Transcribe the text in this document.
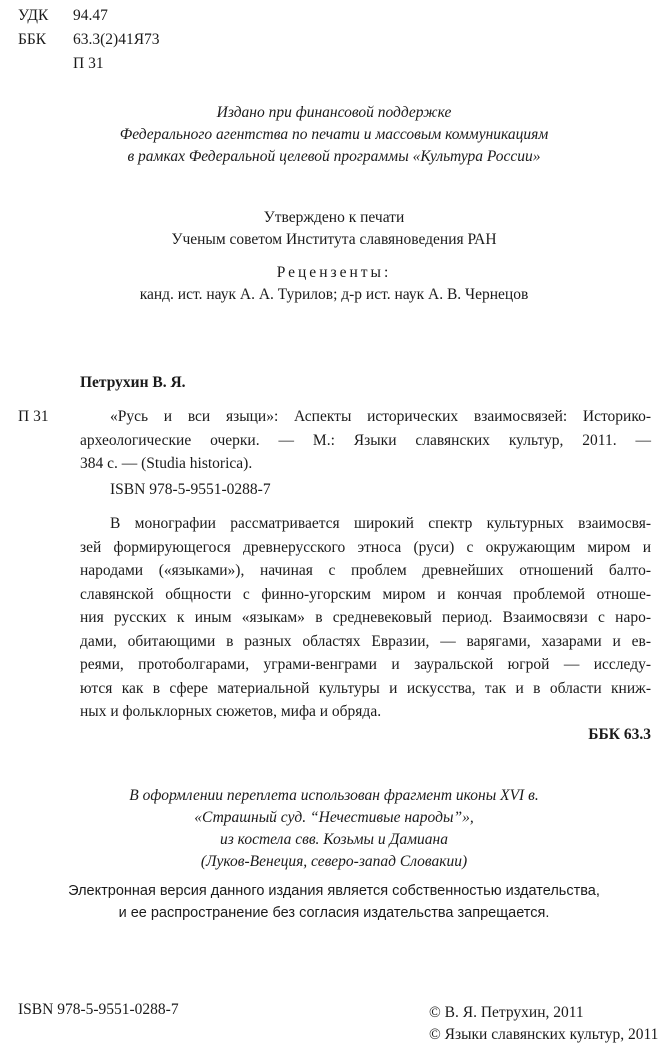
УДК 94.47
ББК 63.3(2)41Я73
П 31
Издано при финансовой поддержке
Федерального агентства по печати и массовым коммуникациям
в рамках Федеральной целевой программы «Культура России»
Утверждено к печати
Ученым советом Института славяноведения РАН
Рецензенты:
канд. ист. наук А. А. Турилов; д-р ист. наук А. В. Чернецов
Петрухин В. Я.
П 31	«Русь и вси языци»: Аспекты исторических взаимосвязей: Историко-
археологические очерки. — М.: Языки славянских культур, 2011. —
384 с. — (Studia historica).
ISBN 978-5-9551-0288-7
В монографии рассматривается широкий спектр культурных взаимосвя-
зей формирующегося древнерусского этноса (руси) с окружающим миром и
народами («языками»), начиная с проблем древнейших отношений балто-
славянской общности с финно-угорским миром и кончая проблемой отноше-
ния русских к иным «языкам» в средневековый период. Взаимосвязи с наро-
дами, обитающими в разных областях Евразии, — варягами, хазарами и ев-
реями, протоболгарами, уграми-венграми и зауральской югрой — исследу-
ются как в сфере материальной культуры и искусства, так и в области книж-
ных и фольклорных сюжетов, мифа и обряда.
ББК 63.3
В оформлении переплета использован фрагмент иконы XVI в.
«Страшный суд. “Нечестивые народы”»,
из костела свв. Козьмы и Дамиана
(Луков-Венеция, северо-запад Словакии)
Электронная версия данного издания является собственностью издательства,
и ее распространение без согласия издательства запрещается.
ISBN 978-5-9551-0288-7	© В. Я. Петрухин, 2011
© Языки славянских культур, 2011
